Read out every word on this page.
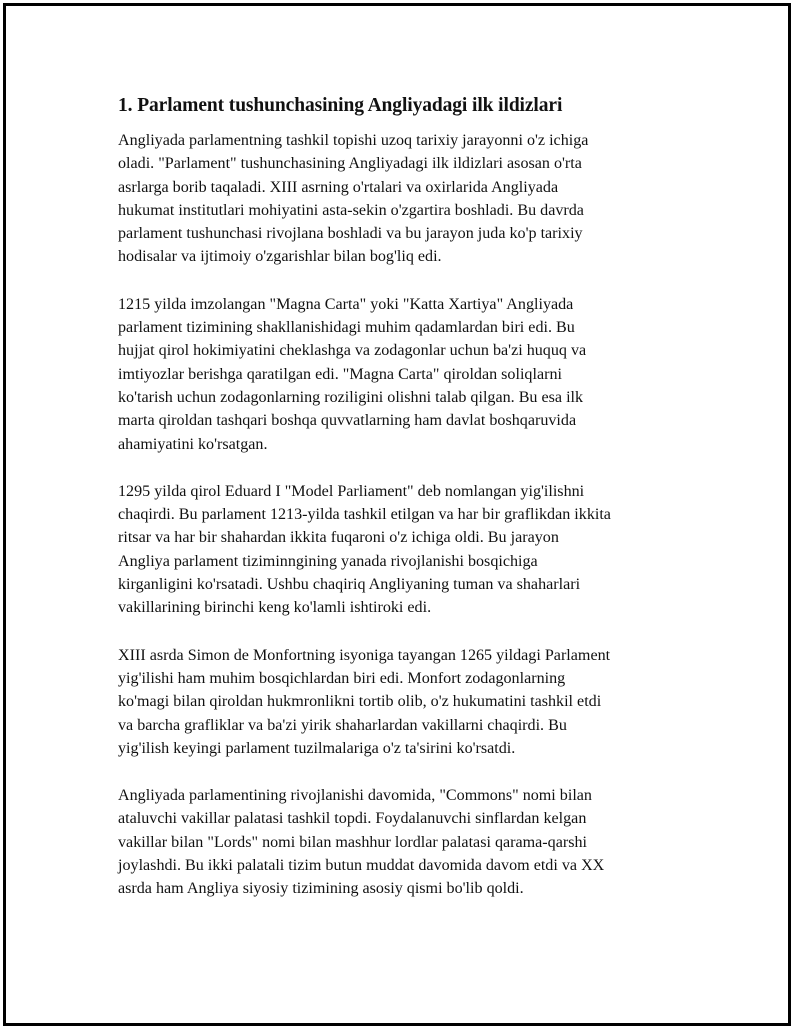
1. Parlament tushunchasining Angliyadagi ilk ildizlari

Angliyada parlamentning tashkil topishi uzoq tarixiy jarayonni o'z ichiga
oladi. "Parlament" tushunchasining Angliyadagi ilk ildizlari asosan o'rta
asrlarga borib taqaladi. XIII asrning o'rtalari va oxirlarida Angliyada
hukumat institutlari mohiyatini asta-sekin o'zgartira boshladi. Bu davrda
parlament tushunchasi rivojlana boshladi va bu jarayon juda ko'p tarixiy
hodisalar va ijtimoiy o'zgarishlar bilan bog'liq edi.

1215 yilda imzolangan "Magna Carta" yoki "Katta Xartiya" Angliyada
parlament tizimining shakllanishidagi muhim qadamlardan biri edi. Bu
hujjat qirol hokimiyatini cheklashga va zodagonlar uchun ba'zi huquq va
imtiyozlar berishga qaratilgan edi. "Magna Carta" qiroldan soliqlarni
ko'tarish uchun zodagonlarning roziligini olishni talab qilgan. Bu esa ilk
marta qiroldan tashqari boshqa quvvatlarning ham davlat boshqaruvida
ahamiyatini ko'rsatgan.

1295 yilda qirol Eduard I "Model Parliament" deb nomlangan yig'ilishni
chaqirdi. Bu parlament 1213-yilda tashkil etilgan va har bir graflikdan ikkita
ritsar va har bir shahardan ikkita fuqaroni o'z ichiga oldi. Bu jarayon
Angliya parlament tiziminngining yanada rivojlanishi bosqichiga
kirganligini ko'rsatadi. Ushbu chaqiriq Angliyaning tuman va shaharlari
vakillarining birinchi keng ko'lamli ishtiroki edi.

XIII asrda Simon de Monfortning isyoniga tayangan 1265 yildagi Parlament
yig'ilishi ham muhim bosqichlardan biri edi. Monfort zodagonlarning
ko'magi bilan qiroldan hukmronlikni tortib olib, o'z hukumatini tashkil etdi
va barcha grafliklar va ba'zi yirik shaharlardan vakillarni chaqirdi. Bu
yig'ilish keyingi parlament tuzilmalariga o'z ta'sirini ko'rsatdi.

Angliyada parlamentining rivojlanishi davomida, "Commons" nomi bilan
ataluvchi vakillar palatasi tashkil topdi. Foydalanuvchi sinflardan kelgan
vakillar bilan "Lords" nomi bilan mashhur lordlar palatasi qarama-qarshi
joylashdi. Bu ikki palatali tizim butun muddat davomida davom etdi va XX
asrda ham Angliya siyosiy tizimining asosiy qismi bo'lib qoldi.
